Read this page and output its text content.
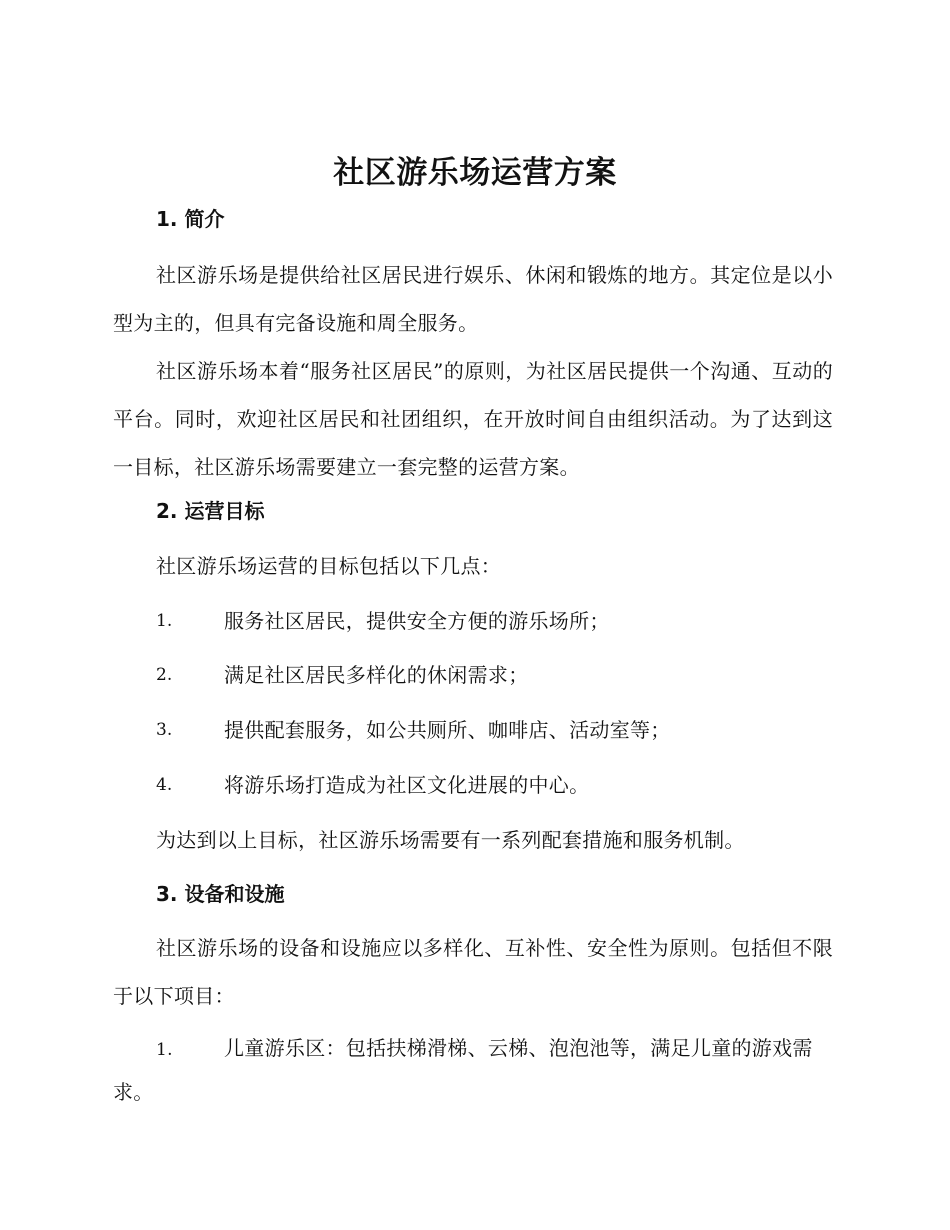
社区游乐场运营方案
1. 简介
社区游乐场是提供给社区居民进行娱乐、休闲和锻炼的地方。其定位是以小型为主的，但具有完备设施和周全服务。
社区游乐场本着“服务社区居民”的原则，为社区居民提供一个沟通、互动的平台。同时，欢迎社区居民和社团组织，在开放时间自由组织活动。为了达到这一目标，社区游乐场需要建立一套完整的运营方案。
2. 运营目标
社区游乐场运营的目标包括以下几点：
1.	服务社区居民，提供安全方便的游乐场所；
2.	满足社区居民多样化的休闲需求；
3.	提供配套服务，如公共厕所、咖啡店、活动室等；
4.	将游乐场打造成为社区文化进展的中心。
为达到以上目标，社区游乐场需要有一系列配套措施和服务机制。
3. 设备和设施
社区游乐场的设备和设施应以多样化、互补性、安全性为原则。包括但不限于以下项目：
1.	儿童游乐区：包括扶梯滑梯、云梯、泡泡池等，满足儿童的游戏需求。
